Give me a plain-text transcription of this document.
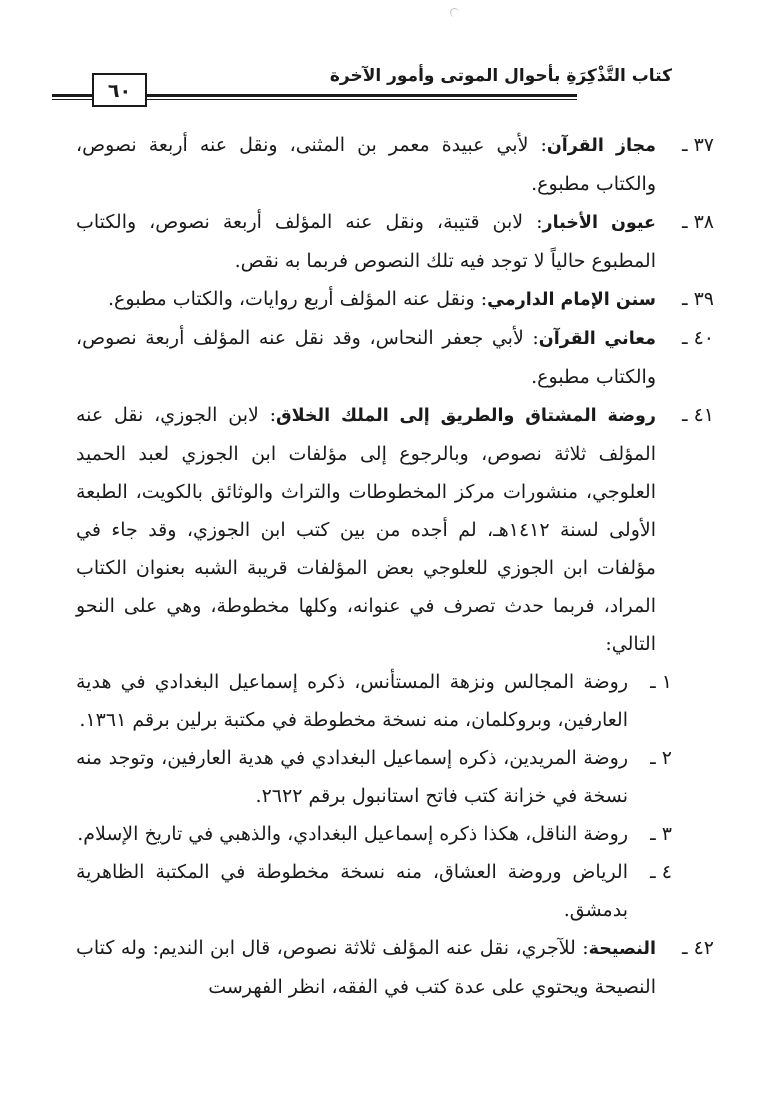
كتاب التَّذْكِرَةِ بأحوال الموتى وأمور الآخرة
٦٠
٣٧ ـ
مجاز القرآن: لأبي عبيدة معمر بن المثنى، ونقل عنه أربعة نصوص، والكتاب مطبوع.
٣٨ ـ
عيون الأخبار: لابن قتيبة، ونقل عنه المؤلف أربعة نصوص، والكتاب المطبوع حالياً لا توجد فيه تلك النصوص فربما به نقص.
٣٩ ـ
سنن الإمام الدارمي: ونقل عنه المؤلف أربع روايات، والكتاب مطبوع.
٤٠ ـ
معاني القرآن: لأبي جعفر النحاس، وقد نقل عنه المؤلف أربعة نصوص، والكتاب مطبوع.
٤١ ـ
روضة المشتاق والطريق إلى الملك الخلاق: لابن الجوزي، نقل عنه المؤلف ثلاثة نصوص، وبالرجوع إلى مؤلفات ابن الجوزي لعبد الحميد العلوجي، منشورات مركز المخطوطات والتراث والوثائق بالكويت، الطبعة الأولى لسنة ١٤١٢هـ، لم أجده من بين كتب ابن الجوزي، وقد جاء في مؤلفات ابن الجوزي للعلوجي بعض المؤلفات قريبة الشبه بعنوان الكتاب المراد، فربما حدث تصرف في عنوانه، وكلها مخطوطة، وهي على النحو التالي:
١ ـ
روضة المجالس ونزهة المستأنس، ذكره إسماعيل البغدادي في هدية العارفين، وبروكلمان، منه نسخة مخطوطة في مكتبة برلين برقم ١٣٦١.
٢ ـ
روضة المريدين، ذكره إسماعيل البغدادي في هدية العارفين، وتوجد منه نسخة في خزانة كتب فاتح استانبول برقم ٢٦٢٢.
٣ ـ
روضة الناقل، هكذا ذكره إسماعيل البغدادي، والذهبي في تاريخ الإسلام.
٤ ـ
الرياض وروضة العشاق، منه نسخة مخطوطة في المكتبة الظاهرية بدمشق.
٤٢ ـ
النصيحة: للآجري، نقل عنه المؤلف ثلاثة نصوص، قال ابن النديم: وله كتاب النصيحة ويحتوي على عدة كتب في الفقه، انظر الفهرست
